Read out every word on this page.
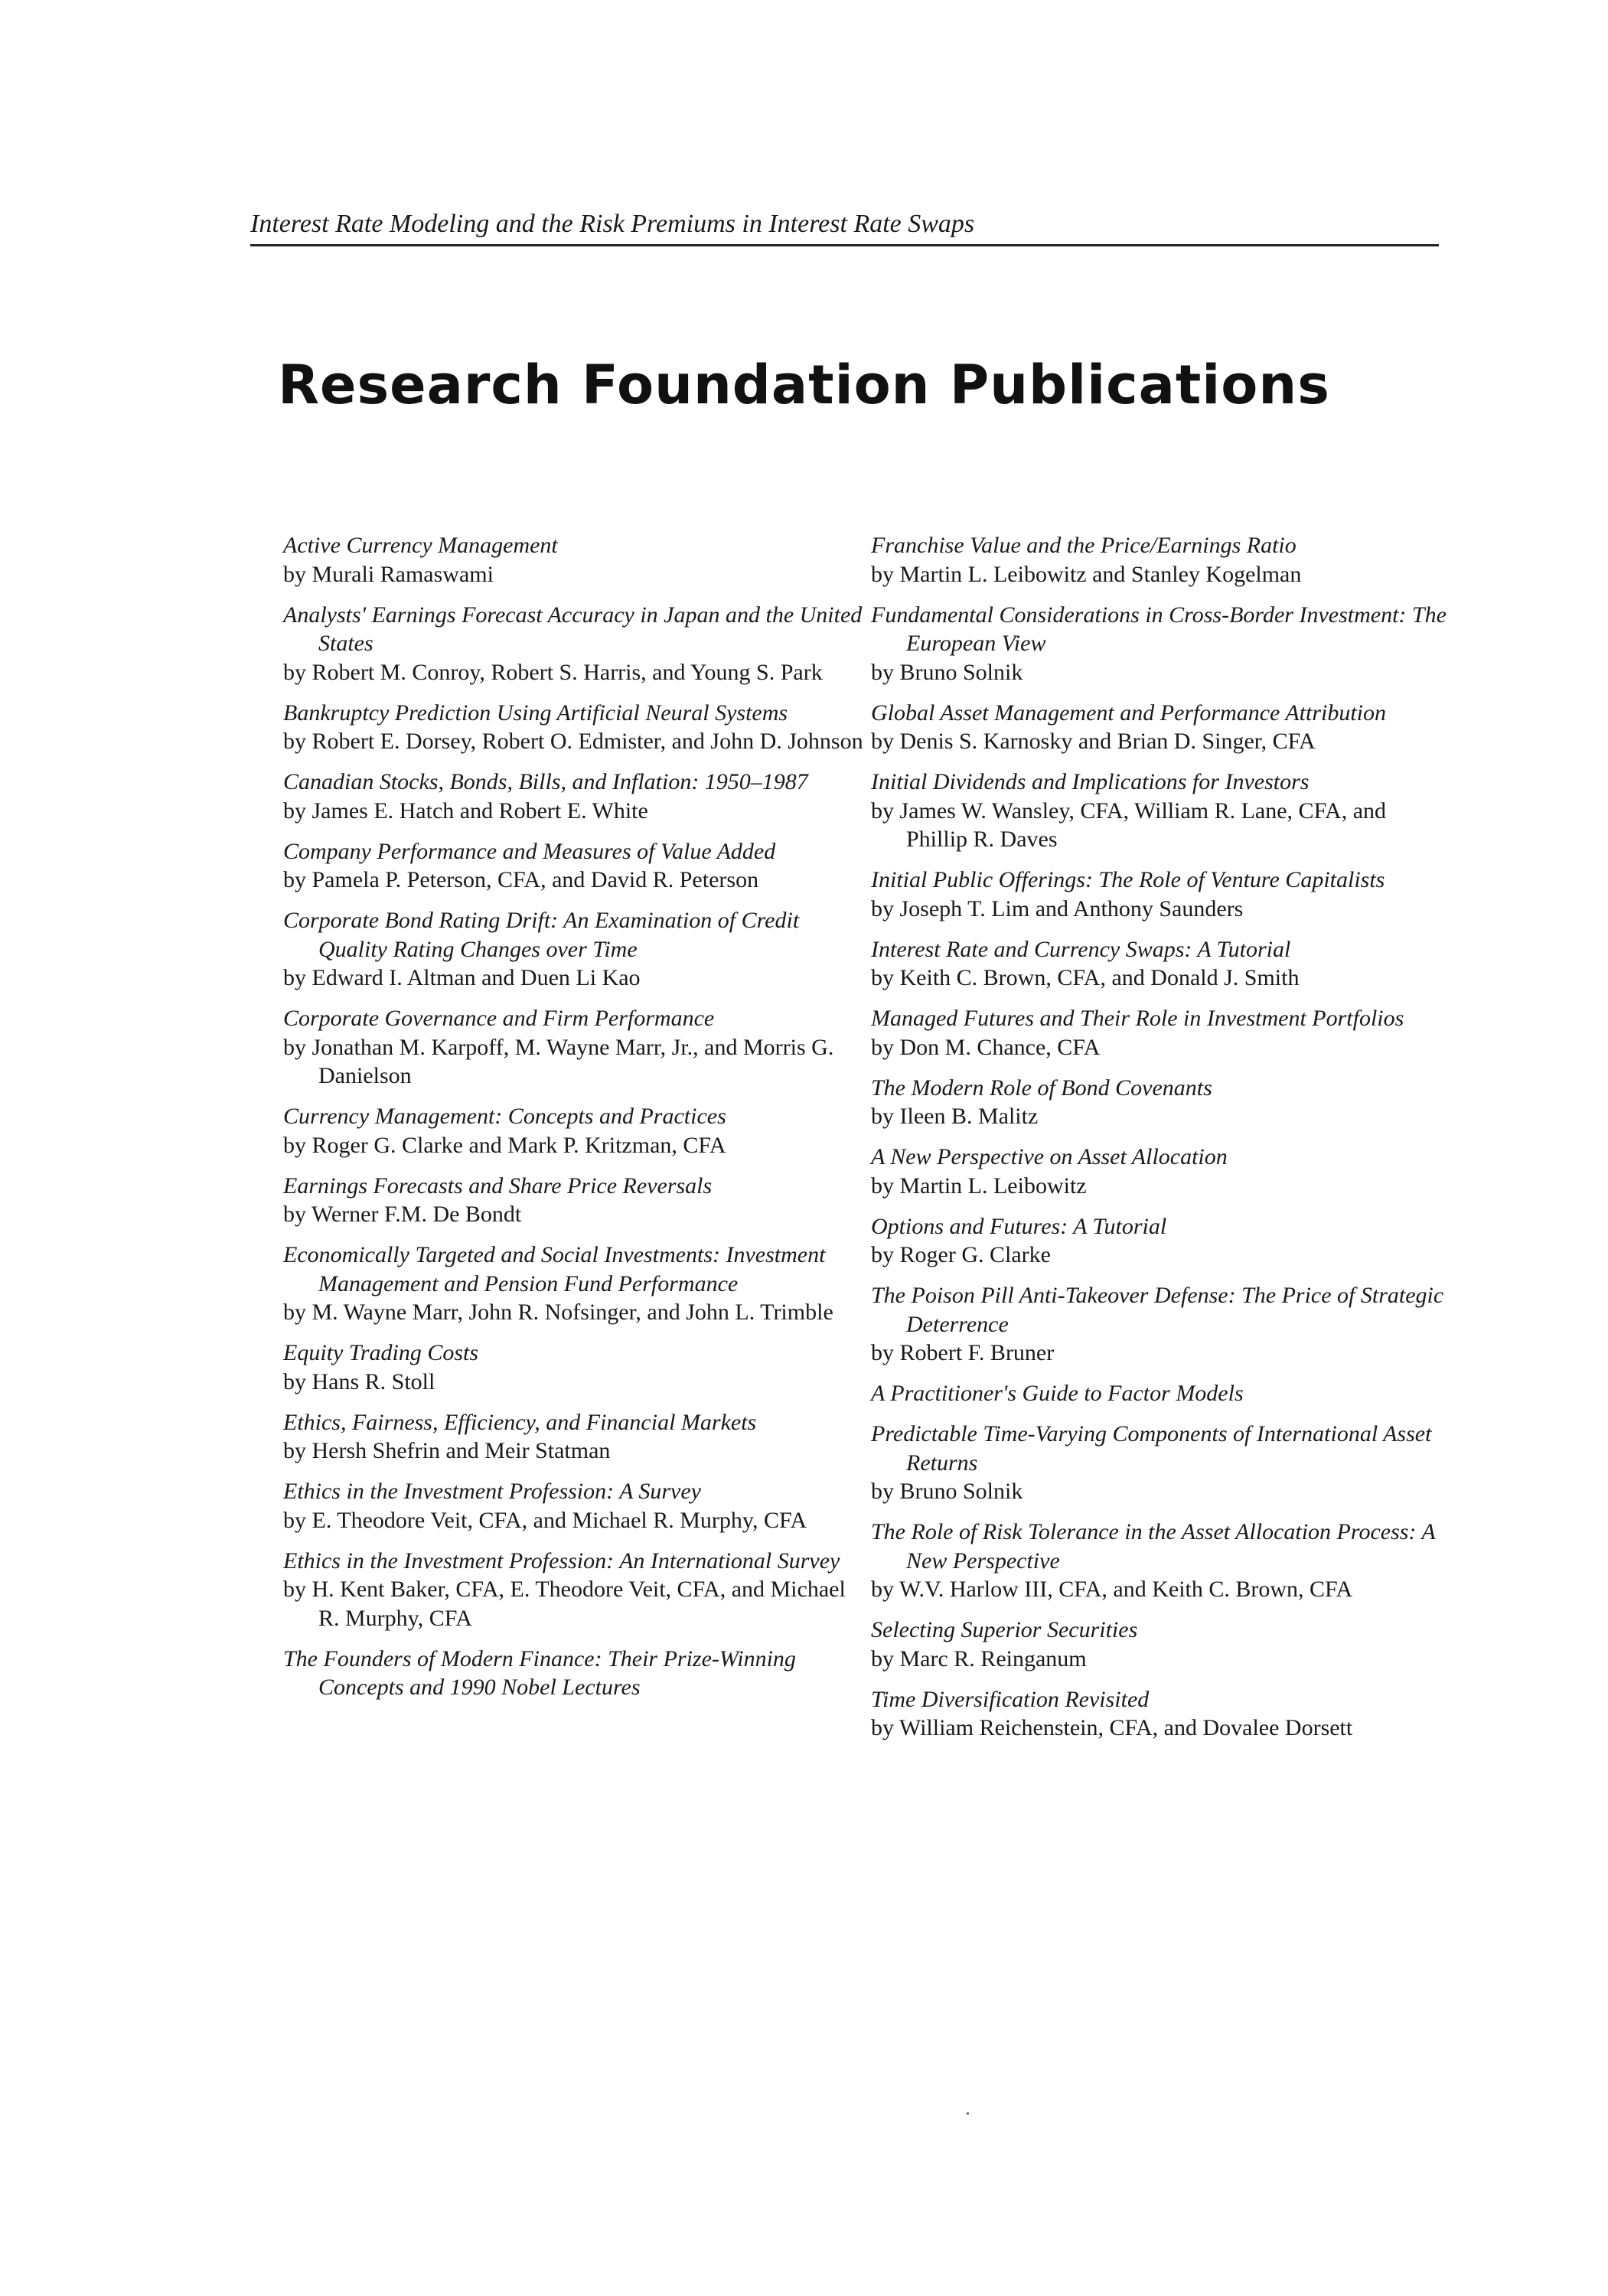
Interest Rate Modeling and the Risk Premiums in Interest Rate Swaps
Research Foundation Publications
Active Currency Management
by Murali Ramaswami
Analysts' Earnings Forecast Accuracy in Japan and the United States
by Robert M. Conroy, Robert S. Harris, and Young S. Park
Bankruptcy Prediction Using Artificial Neural Systems
by Robert E. Dorsey, Robert O. Edmister, and John D. Johnson
Canadian Stocks, Bonds, Bills, and Inflation: 1950–1987
by James E. Hatch and Robert E. White
Company Performance and Measures of Value Added
by Pamela P. Peterson, CFA, and David R. Peterson
Corporate Bond Rating Drift: An Examination of Credit Quality Rating Changes over Time
by Edward I. Altman and Duen Li Kao
Corporate Governance and Firm Performance
by Jonathan M. Karpoff, M. Wayne Marr, Jr., and Morris G. Danielson
Currency Management: Concepts and Practices
by Roger G. Clarke and Mark P. Kritzman, CFA
Earnings Forecasts and Share Price Reversals
by Werner F.M. De Bondt
Economically Targeted and Social Investments: Investment Management and Pension Fund Performance
by M. Wayne Marr, John R. Nofsinger, and John L. Trimble
Equity Trading Costs
by Hans R. Stoll
Ethics, Fairness, Efficiency, and Financial Markets
by Hersh Shefrin and Meir Statman
Ethics in the Investment Profession: A Survey
by E. Theodore Veit, CFA, and Michael R. Murphy, CFA
Ethics in the Investment Profession: An International Survey
by H. Kent Baker, CFA, E. Theodore Veit, CFA, and Michael R. Murphy, CFA
The Founders of Modern Finance: Their Prize-Winning Concepts and 1990 Nobel Lectures
Franchise Value and the Price/Earnings Ratio
by Martin L. Leibowitz and Stanley Kogelman
Fundamental Considerations in Cross-Border Investment: The European View
by Bruno Solnik
Global Asset Management and Performance Attribution
by Denis S. Karnosky and Brian D. Singer, CFA
Initial Dividends and Implications for Investors
by James W. Wansley, CFA, William R. Lane, CFA, and Phillip R. Daves
Initial Public Offerings: The Role of Venture Capitalists
by Joseph T. Lim and Anthony Saunders
Interest Rate and Currency Swaps: A Tutorial
by Keith C. Brown, CFA, and Donald J. Smith
Managed Futures and Their Role in Investment Portfolios
by Don M. Chance, CFA
The Modern Role of Bond Covenants
by Ileen B. Malitz
A New Perspective on Asset Allocation
by Martin L. Leibowitz
Options and Futures: A Tutorial
by Roger G. Clarke
The Poison Pill Anti-Takeover Defense: The Price of Strategic Deterrence
by Robert F. Bruner
A Practitioner's Guide to Factor Models
Predictable Time-Varying Components of International Asset Returns
by Bruno Solnik
The Role of Risk Tolerance in the Asset Allocation Process: A New Perspective
by W.V. Harlow III, CFA, and Keith C. Brown, CFA
Selecting Superior Securities
by Marc R. Reinganum
Time Diversification Revisited
by William Reichenstein, CFA, and Dovalee Dorsett
